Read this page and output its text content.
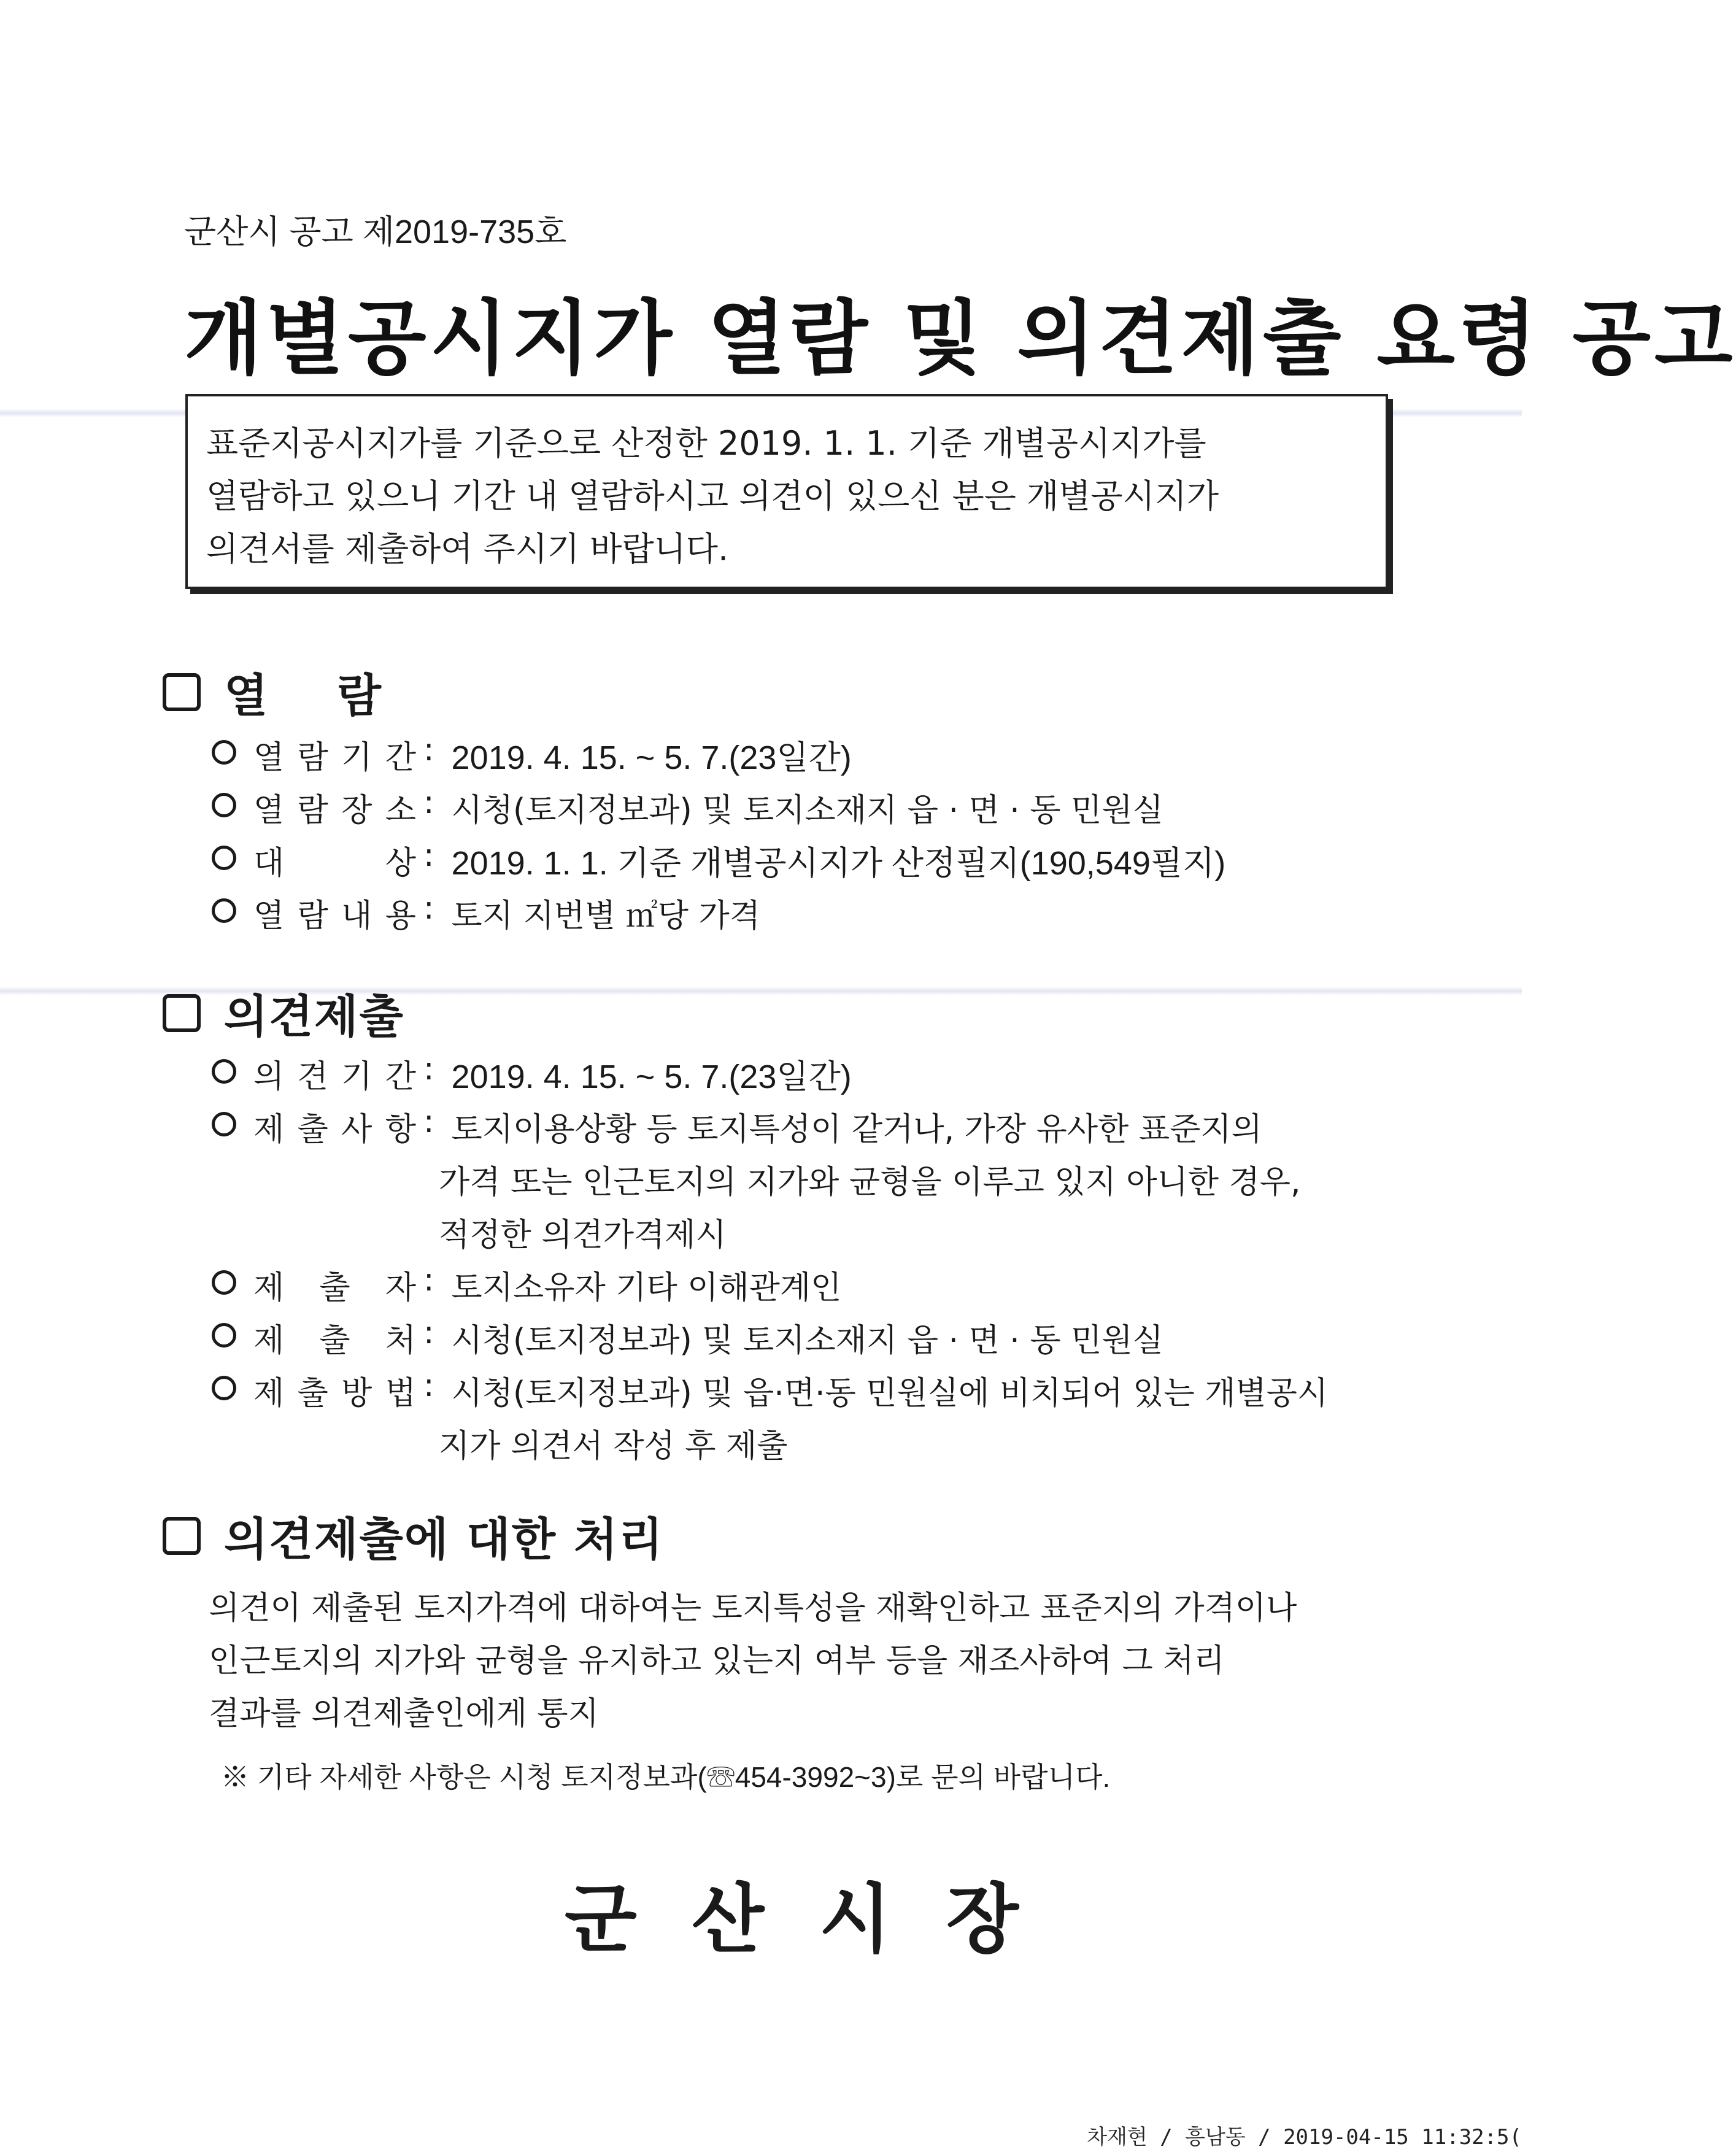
군산시 공고 제2019-735호
개별공시지가 열람 및 의견제출 요령 공고
표준지공시지가를 기준으로 산정한 2019. 1. 1. 기준 개별공시지가를
열람하고 있으니 기간 내 열람하시고 의견이 있으신 분은 개별공시지가
의견서를 제출하여 주시기 바랍니다.
열    람
열 람 기 간 : 2019. 4. 15. ~ 5. 7.(23일간)
열 람 장 소 : 시청(토지정보과) 및 토지소재지 읍 · 면 · 동 민원실
대	상 : 2019. 1. 1. 기준 개별공시지가 산정필지(190,549필지)
열 람 내 용 : 토지 지번별 ㎡당 가격
의견제출
의 견 기 간 : 2019. 4. 15. ~ 5. 7.(23일간)
제 출 사 항 : 토지이용상황 등 토지특성이 같거나, 가장 유사한 표준지의
가격 또는 인근토지의 지가와 균형을 이루고 있지 아니한 경우,
적정한 의견가격제시
제 출 자 : 토지소유자 기타 이해관계인
제 출 처 : 시청(토지정보과) 및 토지소재지 읍 · 면 · 동 민원실
제 출 방 법 : 시청(토지정보과) 및 읍·면·동 민원실에 비치되어 있는 개별공시
지가 의견서 작성 후 제출
의견제출에 대한 처리
의견이 제출된 토지가격에 대하여는 토지특성을 재확인하고 표준지의 가격이나
인근토지의 지가와 균형을 유지하고 있는지 여부 등을 재조사하여 그 처리
결과를 의견제출인에게 통지
※ 기타 자세한 사항은 시청 토지정보과(☏454-3992~3)로 문의 바랍니다.
군 산 시 장
차재현 / 흥남동 / 2019-04-15 11:32:5(
